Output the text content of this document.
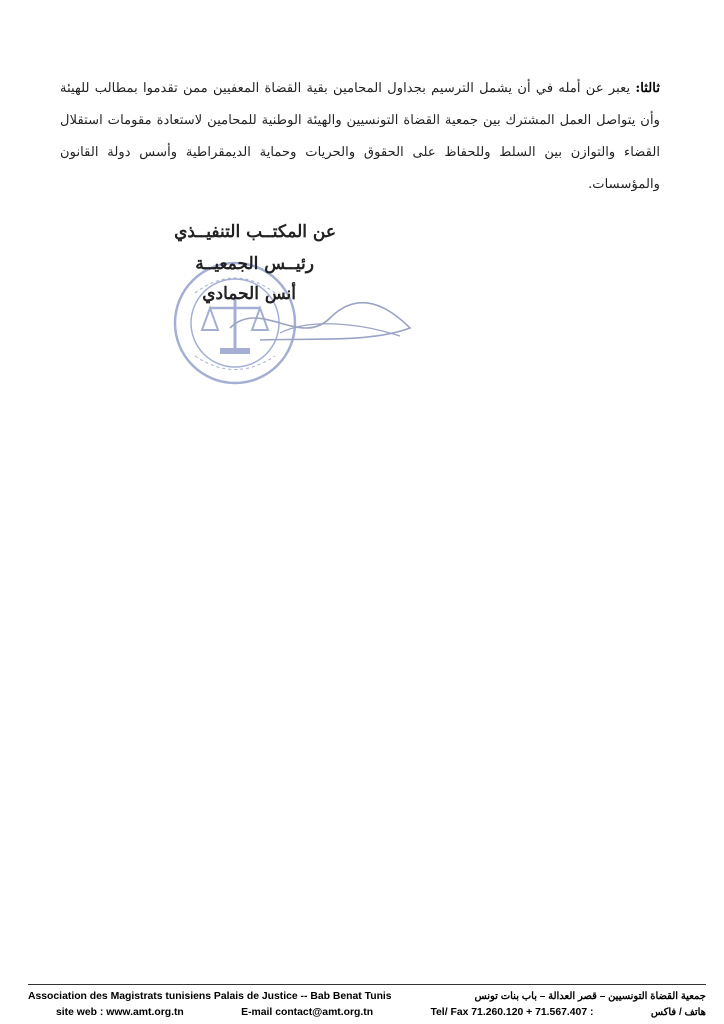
ثالثا: يعبر عن أمله في أن يشمل الترسيم بجداول المحامين بقية القضاة المعفيين ممن تقدموا بمطالب للهيئة وأن يتواصل العمل المشترك بين جمعية القضاة التونسيين والهيئة الوطنية للمحامين لاستعادة مقومات استقلال القضاء والتوازن بين السلط وللحفاظ على الحقوق والحريات وحماية الديمقراطية وأسس دولة القانون والمؤسسات.

عن المكتــب التنفيــذي
رئيــس الجمعيــة
أنس الحمادي
Association des Magistrats tunisiens Palais de Justice -- Bab Benat Tunis	جمعية القضاة التونسيين – قصر العدالة – باب بنات تونس
site web : www.amt.org.tn	E-mail contact@amt.org.tn	Tel/ Fax 71.260.120 + 71.567.407 :	هاتف / فاكس
